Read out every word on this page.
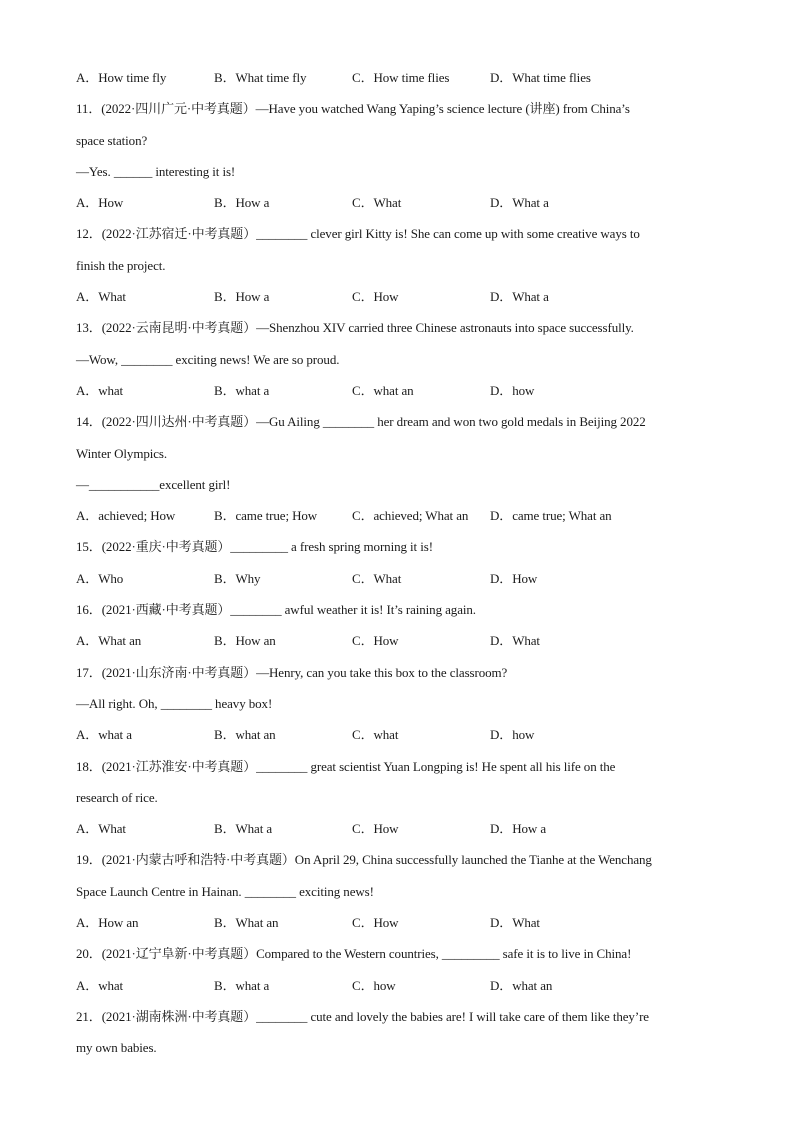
A．How time fly	B．What time fly	C．How time flies	D．What time flies
11．(2022·四川广元·中考真题）—Have you watched Wang Yaping’s science lecture (讲座) from China’s
space station?
—Yes. ______ interesting it is!
A．How	B．How a	C．What	D．What a
12．(2022·江苏宿迁·中考真题）________ clever girl Kitty is! She can come up with some creative ways to
finish the project.
A．What	B．How a	C．How	D．What a
13．(2022·云南昆明·中考真题）—Shenzhou XIV carried three Chinese astronauts into space successfully.
—Wow, ________ exciting news! We are so proud.
A．what	B．what a	C．what an	D．how
14．(2022·四川达州·中考真题）—Gu Ailing ________ her dream and won two gold medals in Beijing 2022
Winter Olympics.
—___________excellent girl!
A．achieved; How	B．came true; How	C．achieved; What an	D．came true; What an
15．(2022·重庆·中考真题）_________ a fresh spring morning it is!
A．Who	B．Why	C．What	D．How
16．(2021·西藏·中考真题）________ awful weather it is! It’s raining again.
A．What an	B．How an	C．How	D．What
17．(2021·山东济南·中考真题）—Henry, can you take this box to the classroom?
—All right. Oh, ________ heavy box!
A．what a	B．what an	C．what	D．how
18．(2021·江苏淮安·中考真题）________ great scientist Yuan Longping is! He spent all his life on the
research of rice.
A．What	B．What a	C．How	D．How a
19．(2021·内蒙古呼和浩特·中考真题）On April 29, China successfully launched the Tianhe at the Wenchang
Space Launch Centre in Hainan. ________ exciting news!
A．How an	B．What an	C．How	D．What
20．(2021·辽宁阜新·中考真题）Compared to the Western countries, _________ safe it is to live in China!
A．what	B．what a	C．how	D．what an
21．(2021·湖南株洲·中考真题）________ cute and lovely the babies are! I will take care of them like they’re
my own babies.
